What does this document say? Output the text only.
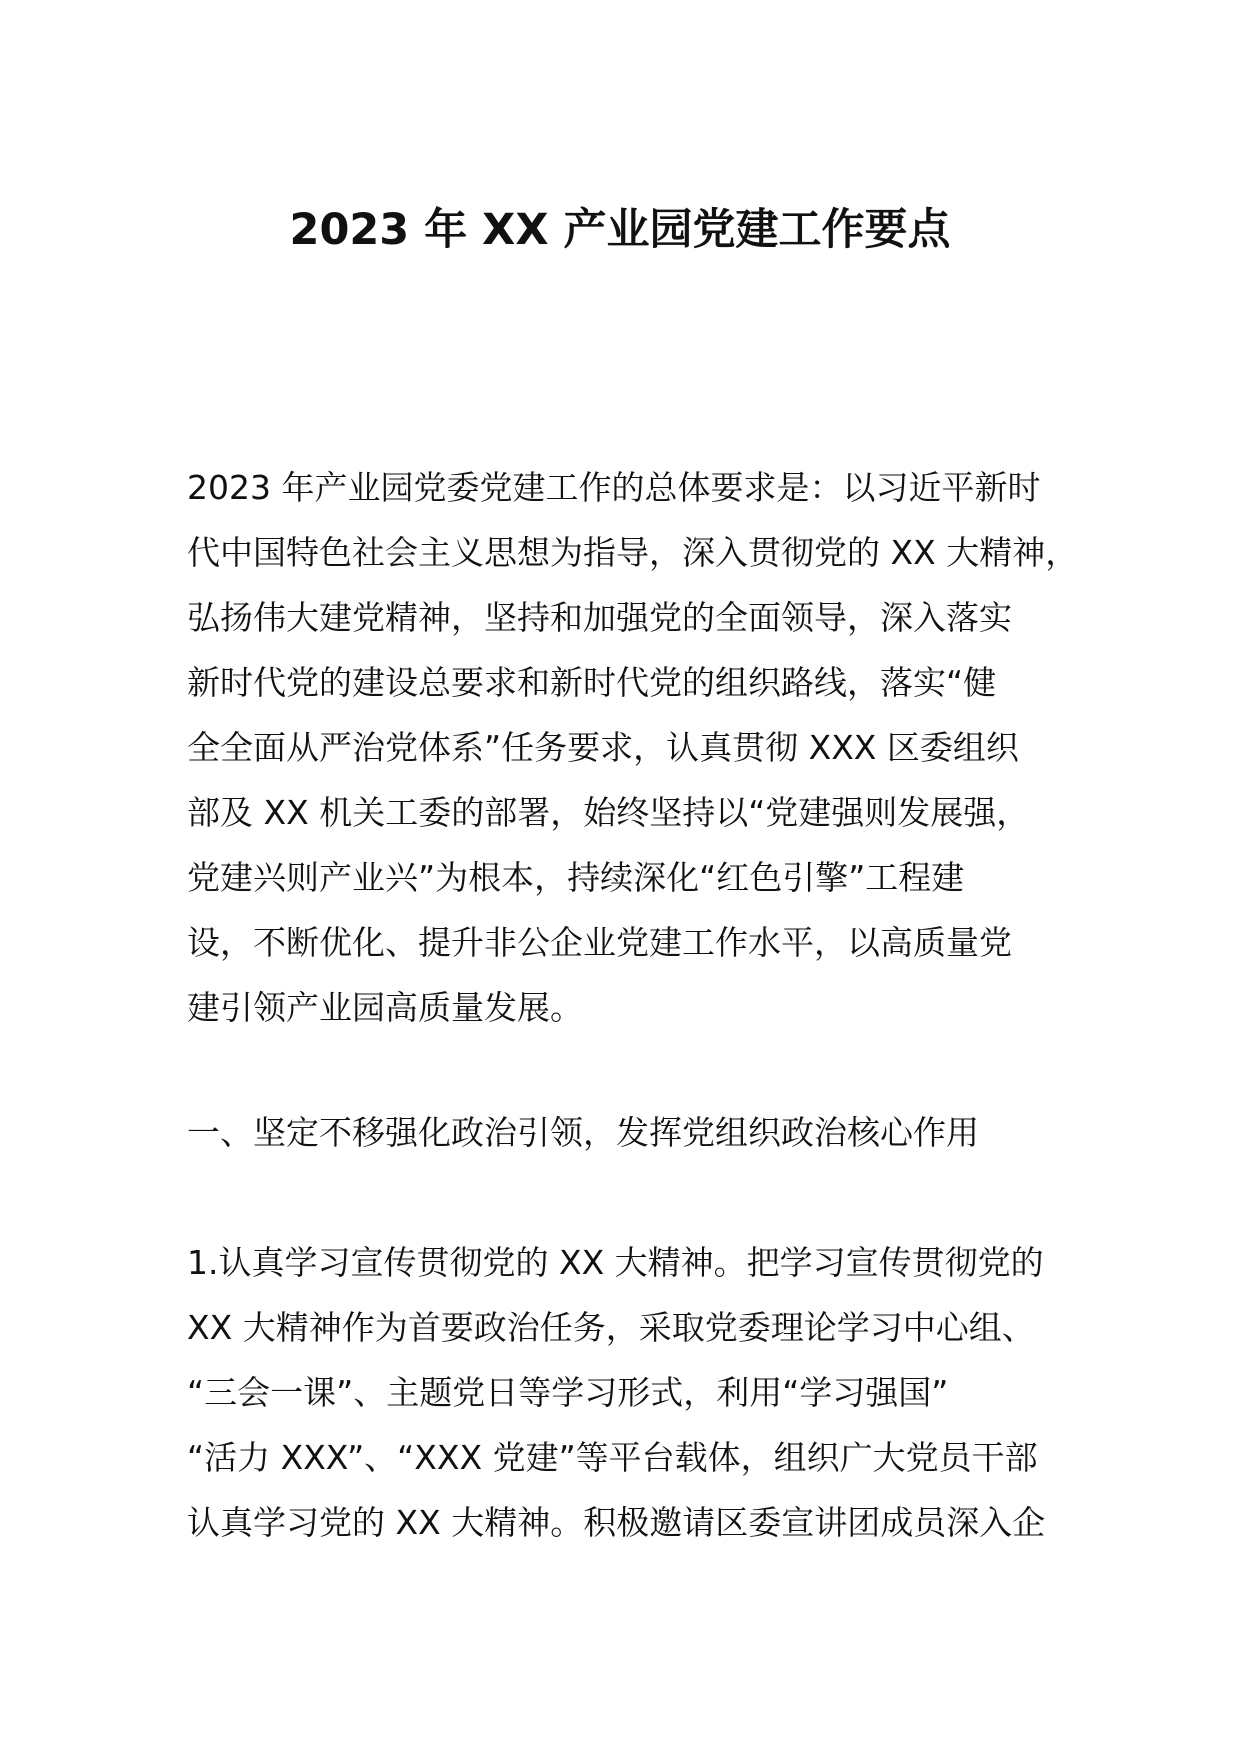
2023 年 XX 产业园党建工作要点
2023 年产业园党委党建工作的总体要求是：以习近平新时
代中国特色社会主义思想为指导，深入贯彻党的 XX 大精神，
弘扬伟大建党精神，坚持和加强党的全面领导，深入落实
新时代党的建设总要求和新时代党的组织路线，落实“健
全全面从严治党体系”任务要求，认真贯彻 XXX 区委组织
部及 XX 机关工委的部署，始终坚持以“党建强则发展强，
党建兴则产业兴”为根本，持续深化“红色引擎”工程建
设，不断优化、提升非公企业党建工作水平，以高质量党
建引领产业园高质量发展。
一、坚定不移强化政治引领，发挥党组织政治核心作用
1.认真学习宣传贯彻党的 XX 大精神。把学习宣传贯彻党的
XX 大精神作为首要政治任务，采取党委理论学习中心组、
“三会一课”、主题党日等学习形式，利用“学习强国”
“活力 XXX”、“XXX 党建”等平台载体，组织广大党员干部
认真学习党的 XX 大精神。积极邀请区委宣讲团成员深入企
